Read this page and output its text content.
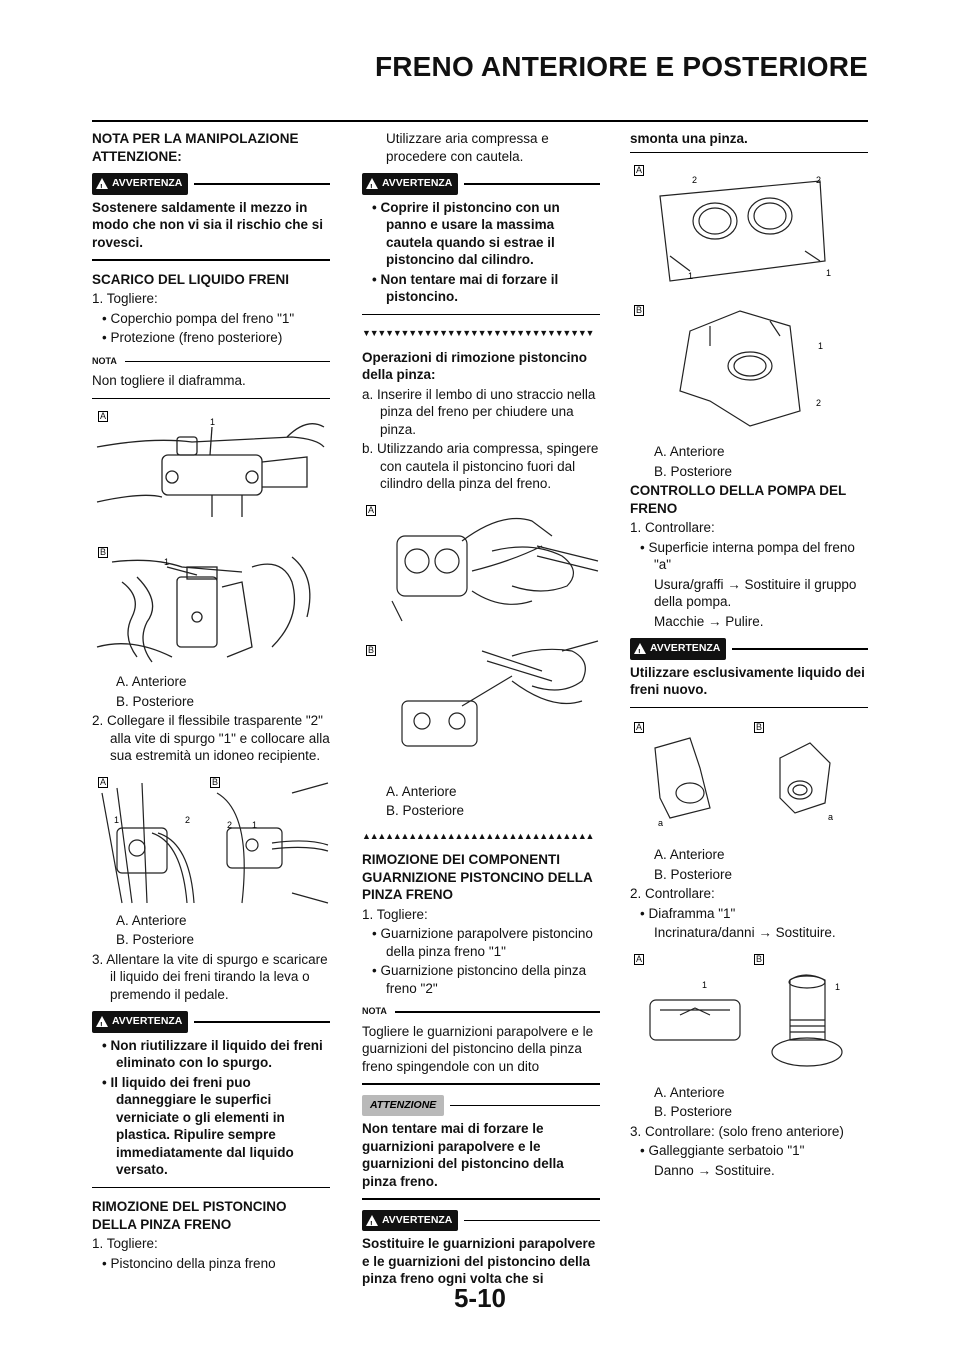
FRENO ANTERIORE E POSTERIORE
NOTA PER LA MANIPOLAZIONE ATTENZIONE:
! AVVERTENZA
Sostenere saldamente il mezzo in modo che non vi sia il rischio che si rovesci.
SCARICO DEL LIQUIDO FRENI
1. Togliere:
• Coperchio pompa del freno "1"
• Protezione (freno posteriore)
NOTA
Non togliere il diaframma.
A
B
1
1
A. Anteriore
B. Posteriore
2. Collegare il flessibile trasparente "2" alla vite di spurgo "1" e collocare alla sua estremità un idoneo recipiente.
A	B
1	2	2 1
A. Anteriore
B. Posteriore
3. Allentare la vite di spurgo e scaricare il liquido dei freni tirando la leva o premendo il pedale.
! AVVERTENZA
• Non riutilizzare il liquido dei freni eliminato con lo spurgo.
• Il liquido dei freni puo danneggiare le superfici verniciate o gli elementi in plastica. Ripulire sempre immediatamente dal liquido versato.
RIMOZIONE DEL PISTONCINO DELLA PINZA FRENO
1. Togliere:
• Pistoncino della pinza freno
Utilizzare aria compressa e procedere con cautela.
! AVVERTENZA
• Coprire il pistoncino con un panno e usare la massima cautela quando si estrae il pistoncino dal cilindro.
• Non tentare mai di forzare il pistoncino.
▼▼▼▼▼▼▼▼▼▼▼▼▼▼▼▼▼▼▼▼▼▼▼▼▼▼▼▼▼▼
Operazioni di rimozione pistoncino della pinza:
a. Inserire il lembo di uno straccio nella pinza del freno per chiudere una pinza.
b. Utilizzando aria compressa, spingere con cautela il pistoncino fuori dal cilindro della pinza del freno.
A
B
A. Anteriore
B. Posteriore
▲▲▲▲▲▲▲▲▲▲▲▲▲▲▲▲▲▲▲▲▲▲▲▲▲▲▲▲▲▲
RIMOZIONE DEI COMPONENTI GUARNIZIONE PISTONCINO DELLA PINZA FRENO
1. Togliere:
• Guarnizione parapolvere pistoncino della pinza freno "1"
• Guarnizione pistoncino della pinza freno "2"
NOTA
Togliere le guarnizioni parapolvere e le guarnizioni del pistoncino della pinza freno spingendole con un dito
ATTENZIONE
Non tentare mai di forzare le guarnizioni parapolvere e le guarnizioni del pistoncino della pinza freno.
! AVVERTENZA
Sostituire le guarnizioni parapolvere e le guarnizioni del pistoncino della pinza freno ogni volta che si
smonta una pinza.
A
B
2	2
1	1
1
2
A. Anteriore
B. Posteriore
CONTROLLO DELLA POMPA DEL FRENO
1. Controllare:
• Superficie interna pompa del freno "a"
Usura/graffi → Sostituire il gruppo della pompa.
Macchie → Pulire.
! AVVERTENZA
Utilizzare esclusivamente liquido dei freni nuovo.
A	B
a
a
A. Anteriore
B. Posteriore
2. Controllare:
• Diaframma "1"
Incrinatura/danni → Sostituire.
A	B
1	1
A. Anteriore
B. Posteriore
3. Controllare: (solo freno anteriore)
• Galleggiante serbatoio "1"
Danno → Sostituire.
5-10
